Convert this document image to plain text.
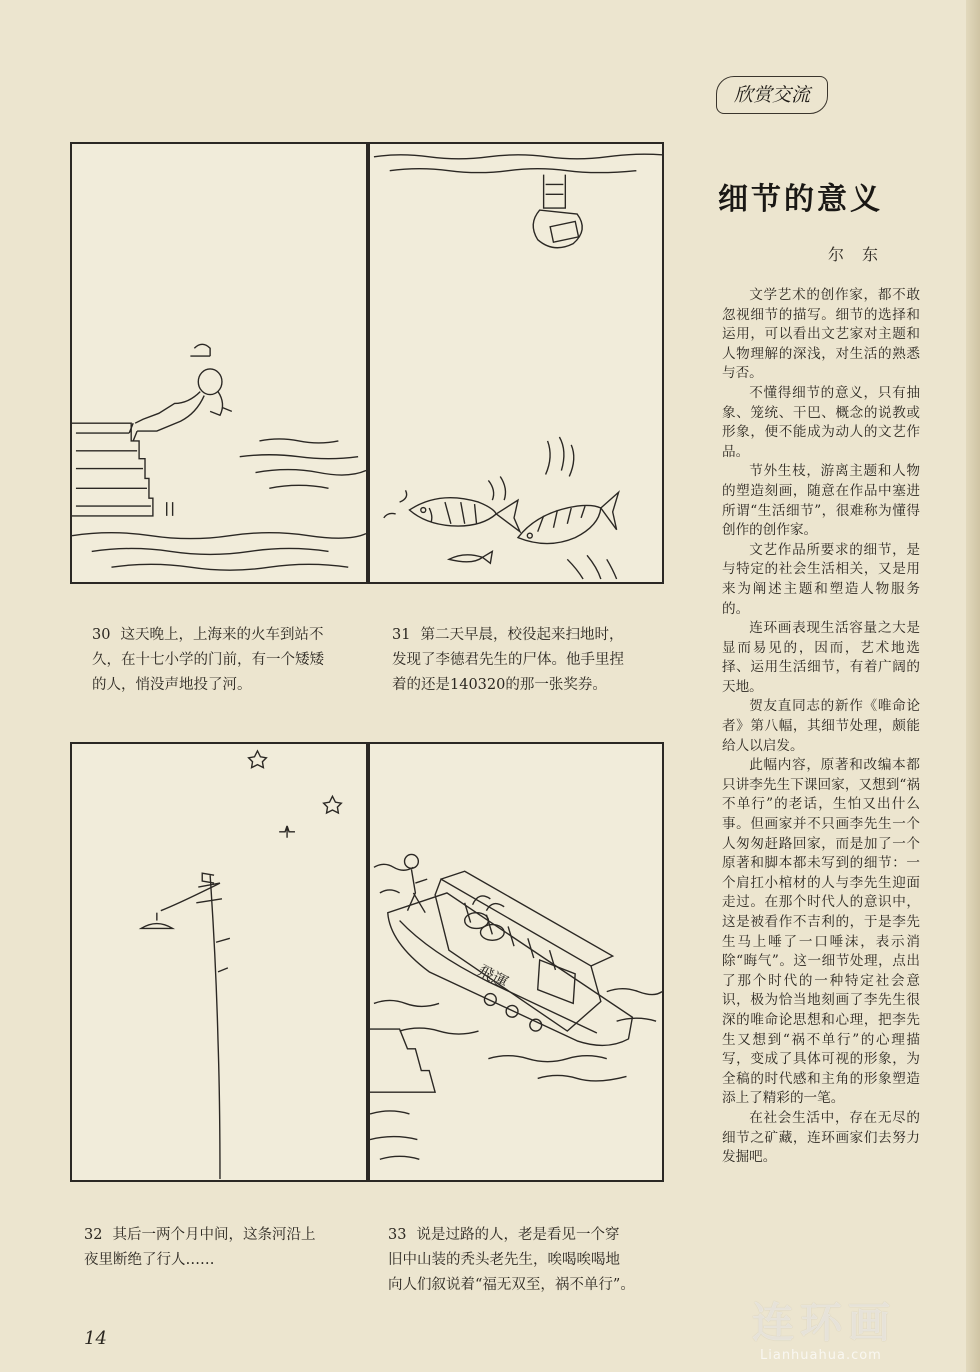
欣赏交流

30 这天晚上，上海来的火车到站不
久，在十七小学的门前，有一个矮矮
的人，悄没声地投了河。

31 第二天早晨，校役起来扫地时，
发现了李德君先生的尸体。他手里捏
着的还是140320的那一张奖券。

飛運

32 其后一两个月中间，这条河沿上
夜里断绝了行人……

33 说是过路的人，老是看见一个穿
旧中山装的秃头老先生，唉喝唉喝地
向人们叙说着“福无双至，祸不单行”。

细节的意义
尔东

文学艺术的创作家，都不敢忽视细节的描写。细节的选择和运用，可以看出文艺家对主题和人物理解的深浅，对生活的熟悉与否。

不懂得细节的意义，只有抽象、笼统、干巴、概念的说教或形象，便不能成为动人的文艺作品。

节外生枝，游离主题和人物的塑造刻画，随意在作品中塞进所谓“生活细节”，很难称为懂得创作的创作家。

文艺作品所要求的细节，是与特定的社会生活相关，又是用来为阐述主题和塑造人物服务的。

连环画表现生活容量之大是显而易见的，因而，艺术地选择、运用生活细节，有着广阔的天地。

贺友直同志的新作《唯命论者》第八幅，其细节处理，颇能给人以启发。

此幅内容，原著和改编本都只讲李先生下课回家，又想到“祸不单行”的老话，生怕又出什么事。但画家并不只画李先生一个人匆匆赶路回家，而是加了一个原著和脚本都未写到的细节：一个肩扛小棺材的人与李先生迎面走过。在那个时代人的意识中，这是被看作不吉利的，于是李先生马上唾了一口唾沫，表示消除“晦气”。这一细节处理，点出了那个时代的一种特定社会意识，极为恰当地刻画了李先生很深的唯命论思想和心理，把李先生又想到“祸不单行”的心理描写，变成了具体可视的形象，为全稿的时代感和主角的形象塑造添上了精彩的一笔。

在社会生活中，存在无尽的细节之矿藏，连环画家们去努力发掘吧。

14	连环画
Lianhuahua.com
